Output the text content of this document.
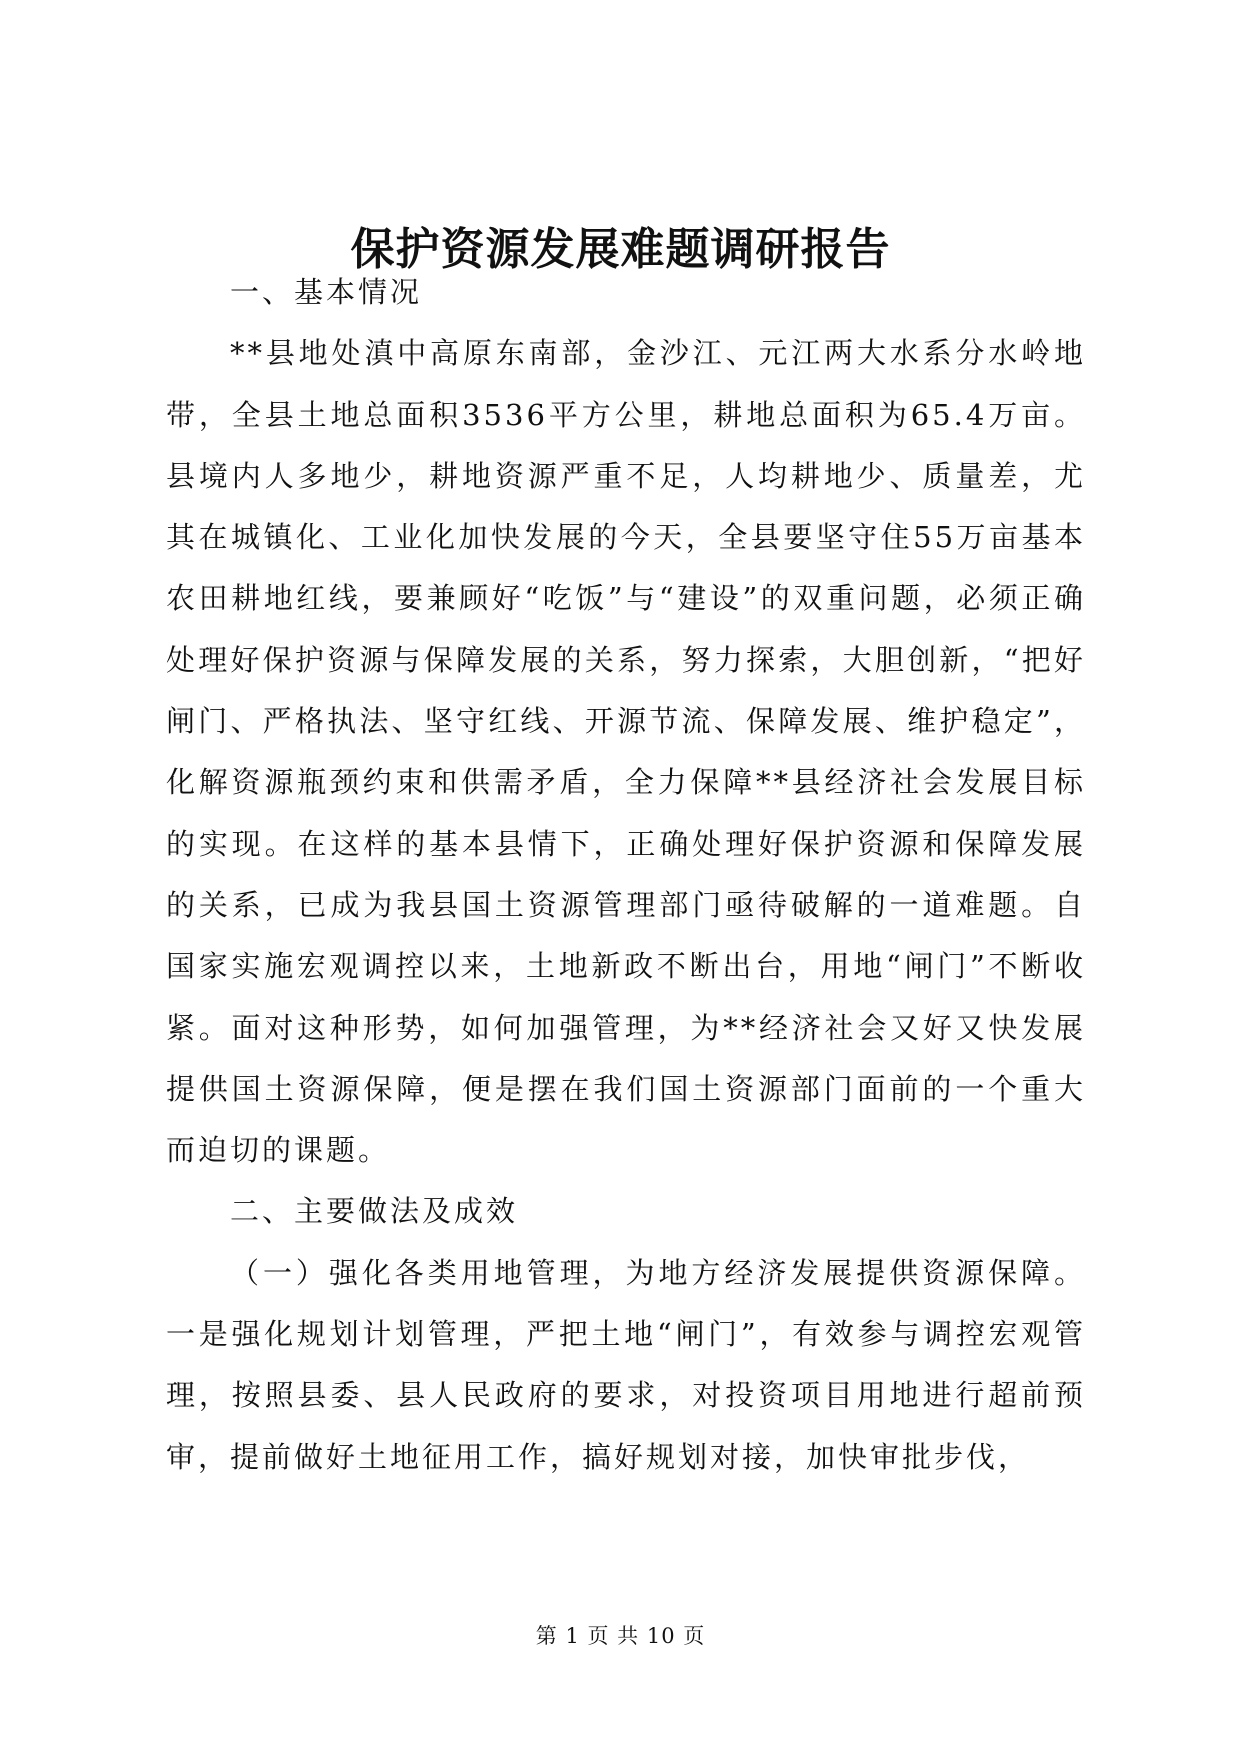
保护资源发展难题调研报告
一、基本情况

**县地处滇中高原东南部，金沙江、元江两大水系分水岭地带，全县土地总面积3536平方公里，耕地总面积为65.4万亩。县境内人多地少，耕地资源严重不足，人均耕地少、质量差，尤其在城镇化、工业化加快发展的今天，全县要坚守住55万亩基本农田耕地红线，要兼顾好“吃饭”与“建设”的双重问题，必须正确处理好保护资源与保障发展的关系，努力探索，大胆创新，“把好闸门、严格执法、坚守红线、开源节流、保障发展、维护稳定”，化解资源瓶颈约束和供需矛盾，全力保障**县经济社会发展目标的实现。在这样的基本县情下，正确处理好保护资源和保障发展的关系，已成为我县国土资源管理部门亟待破解的一道难题。自国家实施宏观调控以来，土地新政不断出台，用地“闸门”不断收紧。面对这种形势，如何加强管理，为**经济社会又好又快发展提供国土资源保障，便是摆在我们国土资源部门面前的一个重大而迫切的课题。

二、主要做法及成效

（一）强化各类用地管理，为地方经济发展提供资源保障。一是强化规划计划管理，严把土地“闸门”，有效参与调控宏观管理，按照县委、县人民政府的要求，对投资项目用地进行超前预审，提前做好土地征用工作，搞好规划对接，加快审批步伐，

第 1 页 共 10 页
